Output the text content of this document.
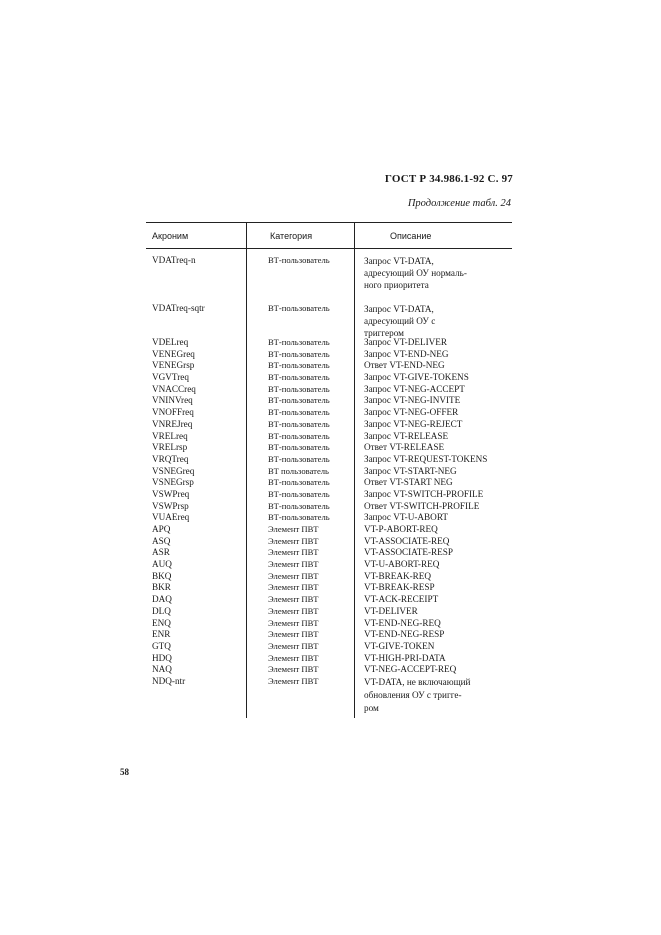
ГОСТ Р 34.986.1-92 С. 97
Продолжение табл. 24
Акроним	Категория	Описание
VDATreq-n	ВТ-пользователь	Запрос VT-DATA,
адресующий ОУ нормаль-
ного приоритета
VDATreq-sqtr	ВТ-пользователь	Запрос VT-DATA,
адресующий ОУ с
триггером
VDELreq	ВТ-пользователь	Запрос VT-DELIVER
VENEGreq	ВТ-пользователь	Запрос VT-END-NEG
VENEGrsp	ВТ-пользователь	Ответ VT-END-NEG
VGVTreq	ВТ-пользователь	Запрос VT-GIVE-TOKENS
VNACCreq	ВТ-пользователь	Запрос VT-NEG-ACCEPT
VNINVreq	ВТ-пользователь	Запрос VT-NEG-INVITE
VNOFFreq	ВТ-пользователь	Запрос VT-NEG-OFFER
VNREJreq	ВТ-пользователь	Запрос VT-NEG-REJECT
VRELreq	ВТ-пользователь	Запрос VT-RELEASE
VRELrsp	ВТ-пользователь	Ответ VT-RELEASE
VRQTreq	ВТ-пользователь	Запрос VT-REQUEST-TOKENS
VSNEGreq	ВТ пользователь	Запрос VT-START-NEG
VSNEGrsp	ВТ-пользователь	Ответ VT-START NEG
VSWPreq	ВТ-пользователь	Запрос VT-SWITCH-PROFILE
VSWPrsp	ВТ-пользователь	Ответ VT-SWITCH-PROFILE
VUAEreq	ВТ-пользователь	Запрос VT-U-ABORT
APQ	Элемент ПВТ	VT-P-ABORT-REQ
ASQ	Элемент ПВТ	VT-ASSOCIATE-REQ
ASR	Элемент ПВТ	VT-ASSOCIATE-RESP
AUQ	Элемент ПВТ	VT-U-ABORT-REQ
BKQ	Элемент ПВТ	VT-BREAK-REQ
BKR	Элемент ПВТ	VT-BREAK-RESP
DAQ	Элемент ПВТ	VT-ACK-RECEIPT
DLQ	Элемент ПВТ	VT-DELIVER
ENQ	Элемент ПВТ	VT-END-NEG-REQ
ENR	Элемент ПВТ	VT-END-NEG-RESP
GTQ	Элемент ПВТ	VT-GIVE-TOKEN
HDQ	Элемент ПВТ	VT-HIGH-PRI-DATA
NAQ	Элемент ПВТ	VT-NEG-ACCEPT-REQ
NDQ-ntr	Элемент ПВТ	VT-DATA, не включающий
обновления ОУ с тригге-
ром
58
